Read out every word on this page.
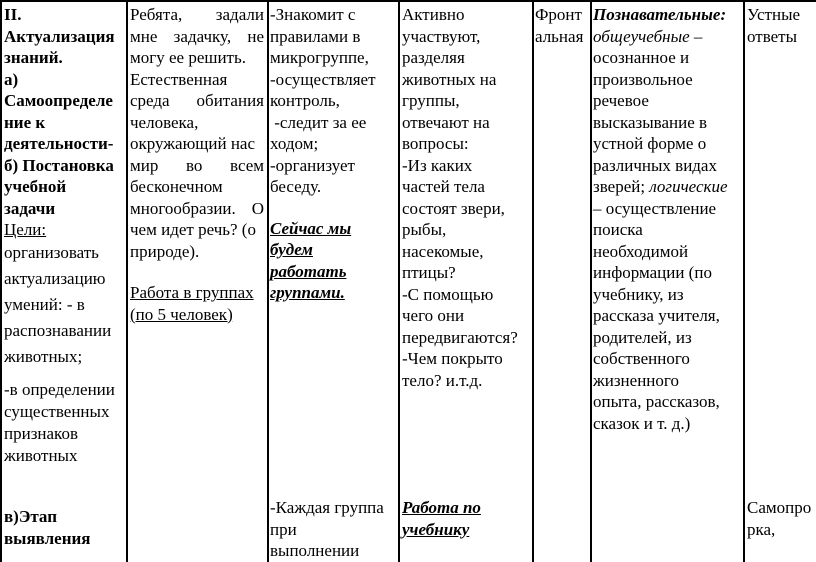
II.
Актуализация
знаний.
а)
Самоопределе
ние к
деятельности-
б) Постановка
учебной
задачи
Цели:
организовать
актуализацию
умений: - в
распознавании
животных;
-в определении
существенных
признаков
животных
в)Этап
выявления
Ребята, задали
мне задачку, не
могу ее решить.
Естественная
среда обитания
человека,
окружающий нас
мир во всем
бесконечном
многообразии. О
чем идет речь? (о
природе).
Работа в группах
(по 5 человек)
-Знакомит с
правилами в
микрогруппе,
-осуществляет
контроль,
-следит за ее
ходом;
-организует
беседу.
Сейчас мы
будем
работать
группами.
-Каждая группа
при
выполнении
Активно
участвуют,
разделяя
животных на
группы,
отвечают на
вопросы:
-Из каких
частей тела
состоят звери,
рыбы,
насекомые,
птицы?
-С помощью
чего они
передвигаются?
-Чем покрыто
тело? и.т.д.
Работа по
учебнику
Фронт
альная
Познавательные:
общеучебные –
осознанное и
произвольное
речевое
высказывание в
устной форме о
различных видах
зверей; логические
– осуществление
поиска
необходимой
информации (по
учебнику, из
рассказа учителя,
родителей, из
собственного
жизненного
опыта, рассказов,
сказок и т. д.)
Устные
ответы
Самопро
рка,
